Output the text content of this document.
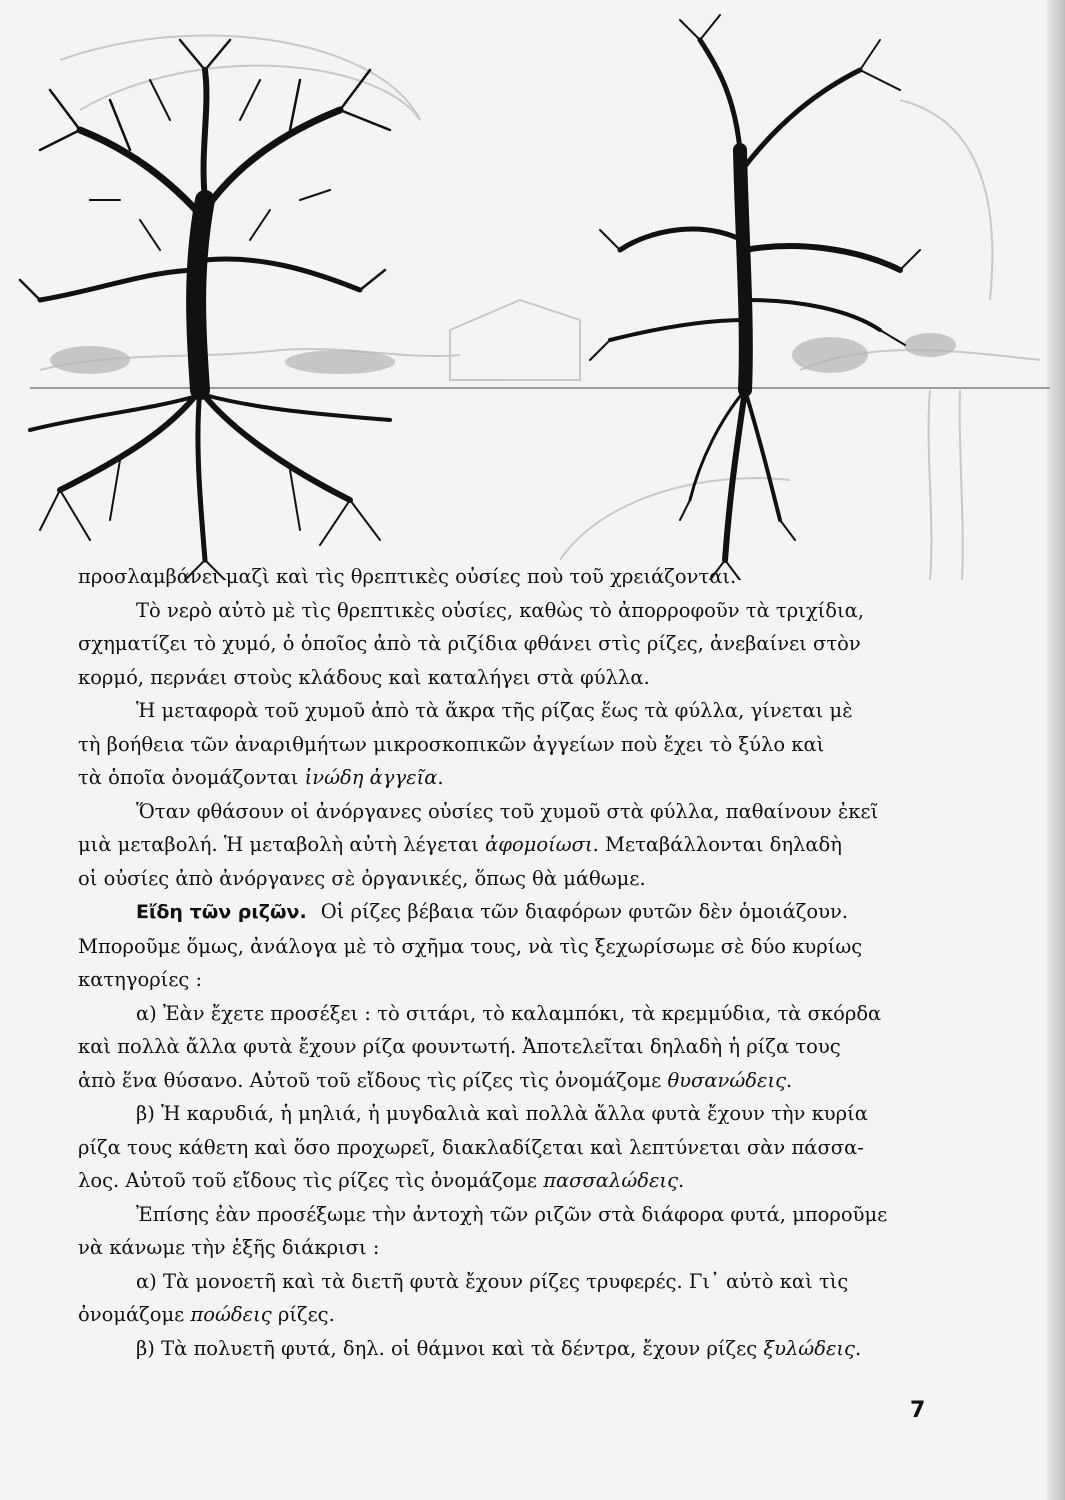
προσλαμβάνει μαζὶ καὶ τὶς θρεπτικὲς οὐσίες ποὺ τοῦ χρειάζονται.
Τὸ νερὸ αὐτὸ μὲ τὶς θρεπτικὲς οὐσίες, καθὼς τὸ ἀπορροφοῦν τὰ τριχίδια,
σχηματίζει τὸ χυμό, ὁ ὁποῖος ἀπὸ τὰ ριζίδια φθάνει στὶς ρίζες, ἀνεβαίνει στὸν
κορμό, περνάει στοὺς κλάδους καὶ καταλήγει στὰ φύλλα.
Ἡ μεταφορὰ τοῦ χυμοῦ ἀπὸ τὰ ἄκρα τῆς ρίζας ἕως τὰ φύλλα, γίνεται μὲ
τὴ βοήθεια τῶν ἀναριθμήτων μικροσκοπικῶν ἀγγείων ποὺ ἔχει τὸ ξύλο καὶ
τὰ ὁποῖα ὀνομάζονται ἰνώδη ἀγγεῖα.
Ὅταν φθάσουν οἱ ἀνόργανες οὐσίες τοῦ χυμοῦ στὰ φύλλα, παθαίνουν ἐκεῖ
μιὰ μεταβολή. Ἡ μεταβολὴ αὐτὴ λέγεται ἀφομοίωσι. Μεταβάλλονται δηλαδὴ
οἱ οὐσίες ἀπὸ ἀνόργανες σὲ ὀργανικές, ὅπως θὰ μάθωμε.
Εἴδη τῶν ριζῶν. Οἱ ρίζες βέβαια τῶν διαφόρων φυτῶν δὲν ὁμοιάζουν.
Μποροῦμε ὅμως, ἀνάλογα μὲ τὸ σχῆμα τους, νὰ τὶς ξεχωρίσωμε σὲ δύο κυρίως
κατηγορίες :
α) Ἐὰν ἔχετε προσέξει : τὸ σιτάρι, τὸ καλαμπόκι, τὰ κρεμμύδια, τὰ σκόρδα
καὶ πολλὰ ἄλλα φυτὰ ἔχουν ρίζα φουντωτή. Ἀποτελεῖται δηλαδὴ ἡ ρίζα τους
ἀπὸ ἕνα θύσανο. Αὐτοῦ τοῦ εἴδους τὶς ρίζες τὶς ὀνομάζομε θυσανώδεις.
β) Ἡ καρυδιά, ἡ μηλιά, ἡ μυγδαλιὰ καὶ πολλὰ ἄλλα φυτὰ ἔχουν τὴν κυρία
ρίζα τους κάθετη καὶ ὅσο προχωρεῖ, διακλαδίζεται καὶ λεπτύνεται σὰν πάσσα-
λος. Αὐτοῦ τοῦ εἴδους τὶς ρίζες τὶς ὀνομάζομε πασσαλώδεις.
Ἐπίσης ἐὰν προσέξωμε τὴν ἀντοχὴ τῶν ριζῶν στὰ διάφορα φυτά, μποροῦμε
νὰ κάνωμε τὴν ἑξῆς διάκρισι :
α) Τὰ μονοετῆ καὶ τὰ διετῆ φυτὰ ἔχουν ρίζες τρυφερές. Γι᾽ αὐτὸ καὶ τὶς
ὀνομάζομε ποώδεις ρίζες.
β) Τὰ πολυετῆ φυτά, δηλ. οἱ θάμνοι καὶ τὰ δέντρα, ἔχουν ρίζες ξυλώδεις.
7
